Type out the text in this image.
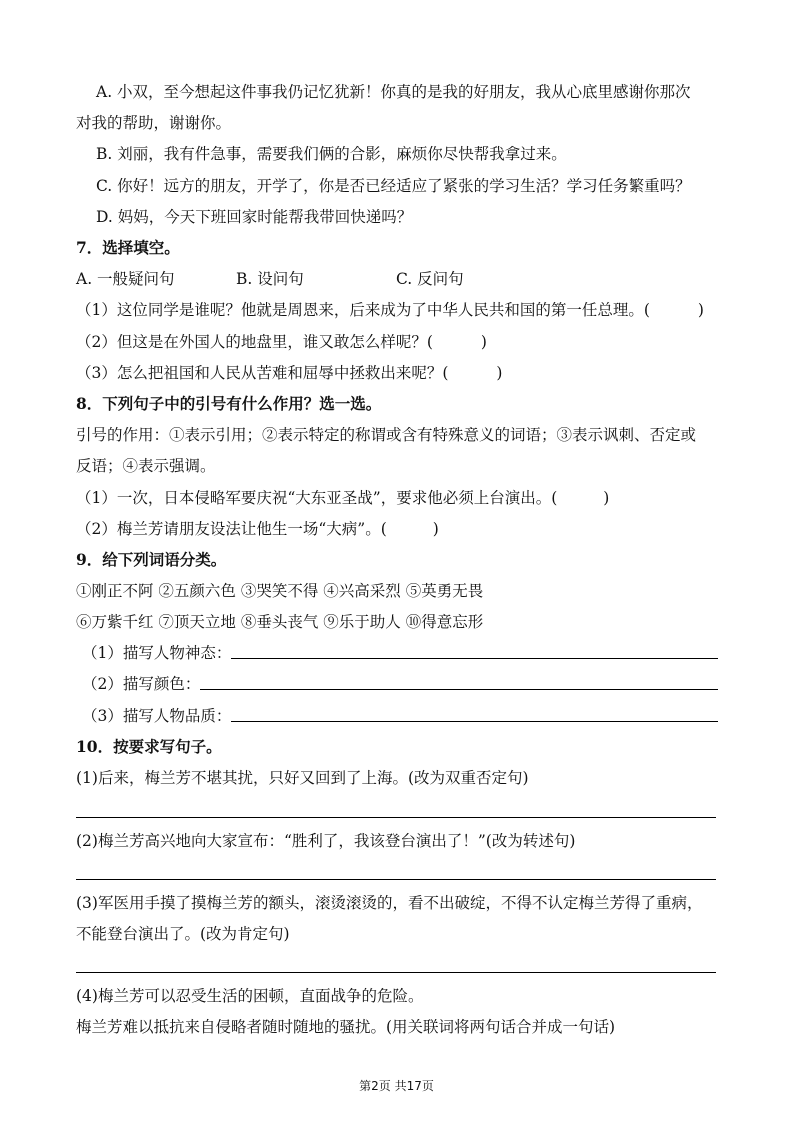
A. 小双，至今想起这件事我仍记忆犹新！你真的是我的好朋友，我从心底里感谢你那次
对我的帮助，谢谢你。
B. 刘丽，我有件急事，需要我们俩的合影，麻烦你尽快帮我拿过来。
C. 你好！远方的朋友，开学了，你是否已经适应了紧张的学习生活？学习任务繁重吗？
D. 妈妈，今天下班回家时能帮我带回快递吗？
7．选择填空。
A. 一般疑问句	B. 设问句	C. 反问句
（1）这位同学是谁呢？他就是周恩来，后来成为了中华人民共和国的第一任总理。(	)
（2）但这是在外国人的地盘里，谁又敢怎么样呢？(	)
（3）怎么把祖国和人民从苦难和屈辱中拯救出来呢？(	)
8．下列句子中的引号有什么作用？选一选。
引号的作用：①表示引用；②表示特定的称谓或含有特殊意义的词语；③表示讽刺、否定或
反语；④表示强调。
（1）一次，日本侵略军要庆祝“大东亚圣战”，要求他必须上台演出。(	)
（2）梅兰芳请朋友设法让他生一场“大病”。(	)
9．给下列词语分类。
①刚正不阿 ②五颜六色 ③哭笑不得 ④兴高采烈 ⑤英勇无畏
⑥万紫千红 ⑦顶天立地 ⑧垂头丧气 ⑨乐于助人 ⑩得意忘形
（1）描写人物神态：
（2）描写颜色：
（3）描写人物品质：
10．按要求写句子。
(1)后来，梅兰芳不堪其扰，只好又回到了上海。(改为双重否定句)
(2)梅兰芳高兴地向大家宣布：“胜利了，我该登台演出了！”(改为转述句)
(3)军医用手摸了摸梅兰芳的额头，滚烫滚烫的，看不出破绽，不得不认定梅兰芳得了重病，
不能登台演出了。(改为肯定句)
(4)梅兰芳可以忍受生活的困顿，直面战争的危险。
梅兰芳难以抵抗来自侵略者随时随地的骚扰。(用关联词将两句话合并成一句话)
第2页 共17页
